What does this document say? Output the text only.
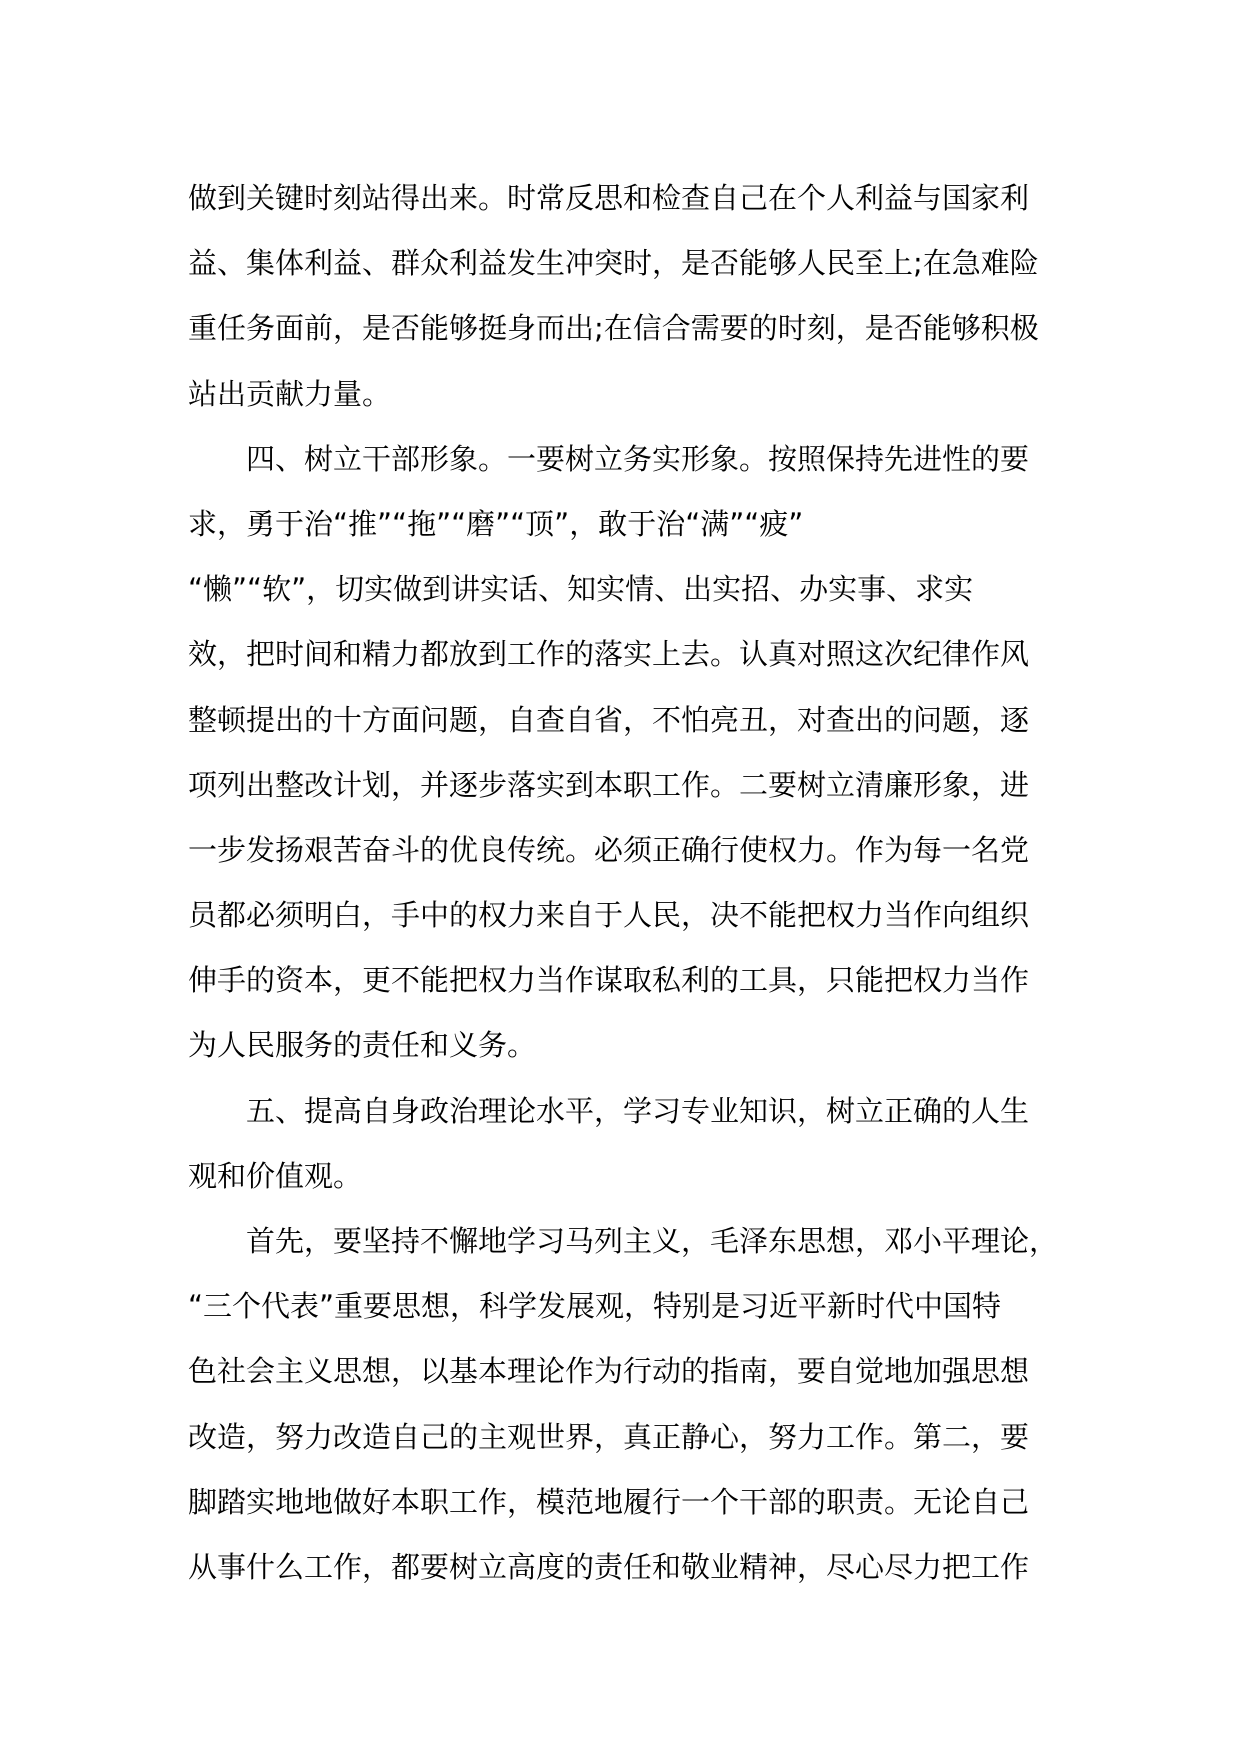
做到关键时刻站得出来。时常反思和检查自己在个人利益与国家利
益、集体利益、群众利益发生冲突时，是否能够人民至上;在急难险
重任务面前，是否能够挺身而出;在信合需要的时刻，是否能够积极
站出贡献力量。
四、树立干部形象。一要树立务实形象。按照保持先进性的要
求，勇于治“推”“拖”“磨”“顶”，敢于治“满”“疲”
“懒”“软”，切实做到讲实话、知实情、出实招、办实事、求实
效，把时间和精力都放到工作的落实上去。认真对照这次纪律作风
整顿提出的十方面问题，自查自省，不怕亮丑，对查出的问题，逐
项列出整改计划，并逐步落实到本职工作。二要树立清廉形象，进
一步发扬艰苦奋斗的优良传统。必须正确行使权力。作为每一名党
员都必须明白，手中的权力来自于人民，决不能把权力当作向组织
伸手的资本，更不能把权力当作谋取私利的工具，只能把权力当作
为人民服务的责任和义务。
五、提高自身政治理论水平，学习专业知识，树立正确的人生
观和价值观。
首先，要坚持不懈地学习马列主义，毛泽东思想，邓小平理论，
“三个代表”重要思想，科学发展观，特别是习近平新时代中国特
色社会主义思想，以基本理论作为行动的指南，要自觉地加强思想
改造，努力改造自己的主观世界，真正静心，努力工作。第二，要
脚踏实地地做好本职工作，模范地履行一个干部的职责。无论自己
从事什么工作，都要树立高度的责任和敬业精神，尽心尽力把工作
